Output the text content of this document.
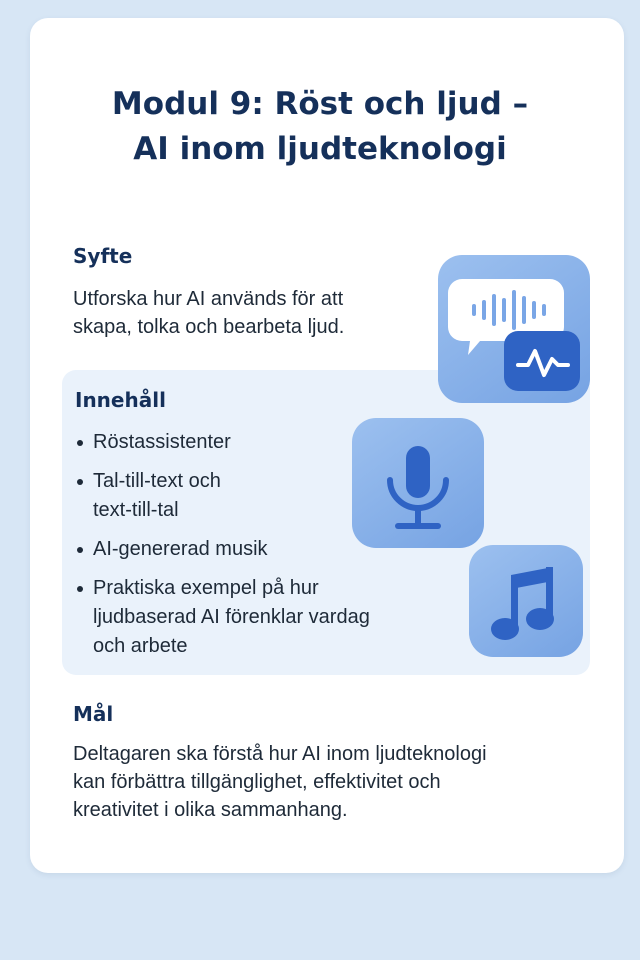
Modul 9: Röst och ljud –
AI inom ljudteknologi
Syfte

Utforska hur AI används för att
skapa, tolka och bearbeta ljud.

Innehåll
Röstassistenter
Tal-till-text och
text-till-tal
AI-genererad musik
Praktiska exempel på hur
ljudbaserad AI förenklar vardag
och arbete
Mål

Deltagaren ska förstå hur AI inom ljudteknologi
kan förbättra tillgänglighet, effektivitet och
kreativitet i olika sammanhang.
